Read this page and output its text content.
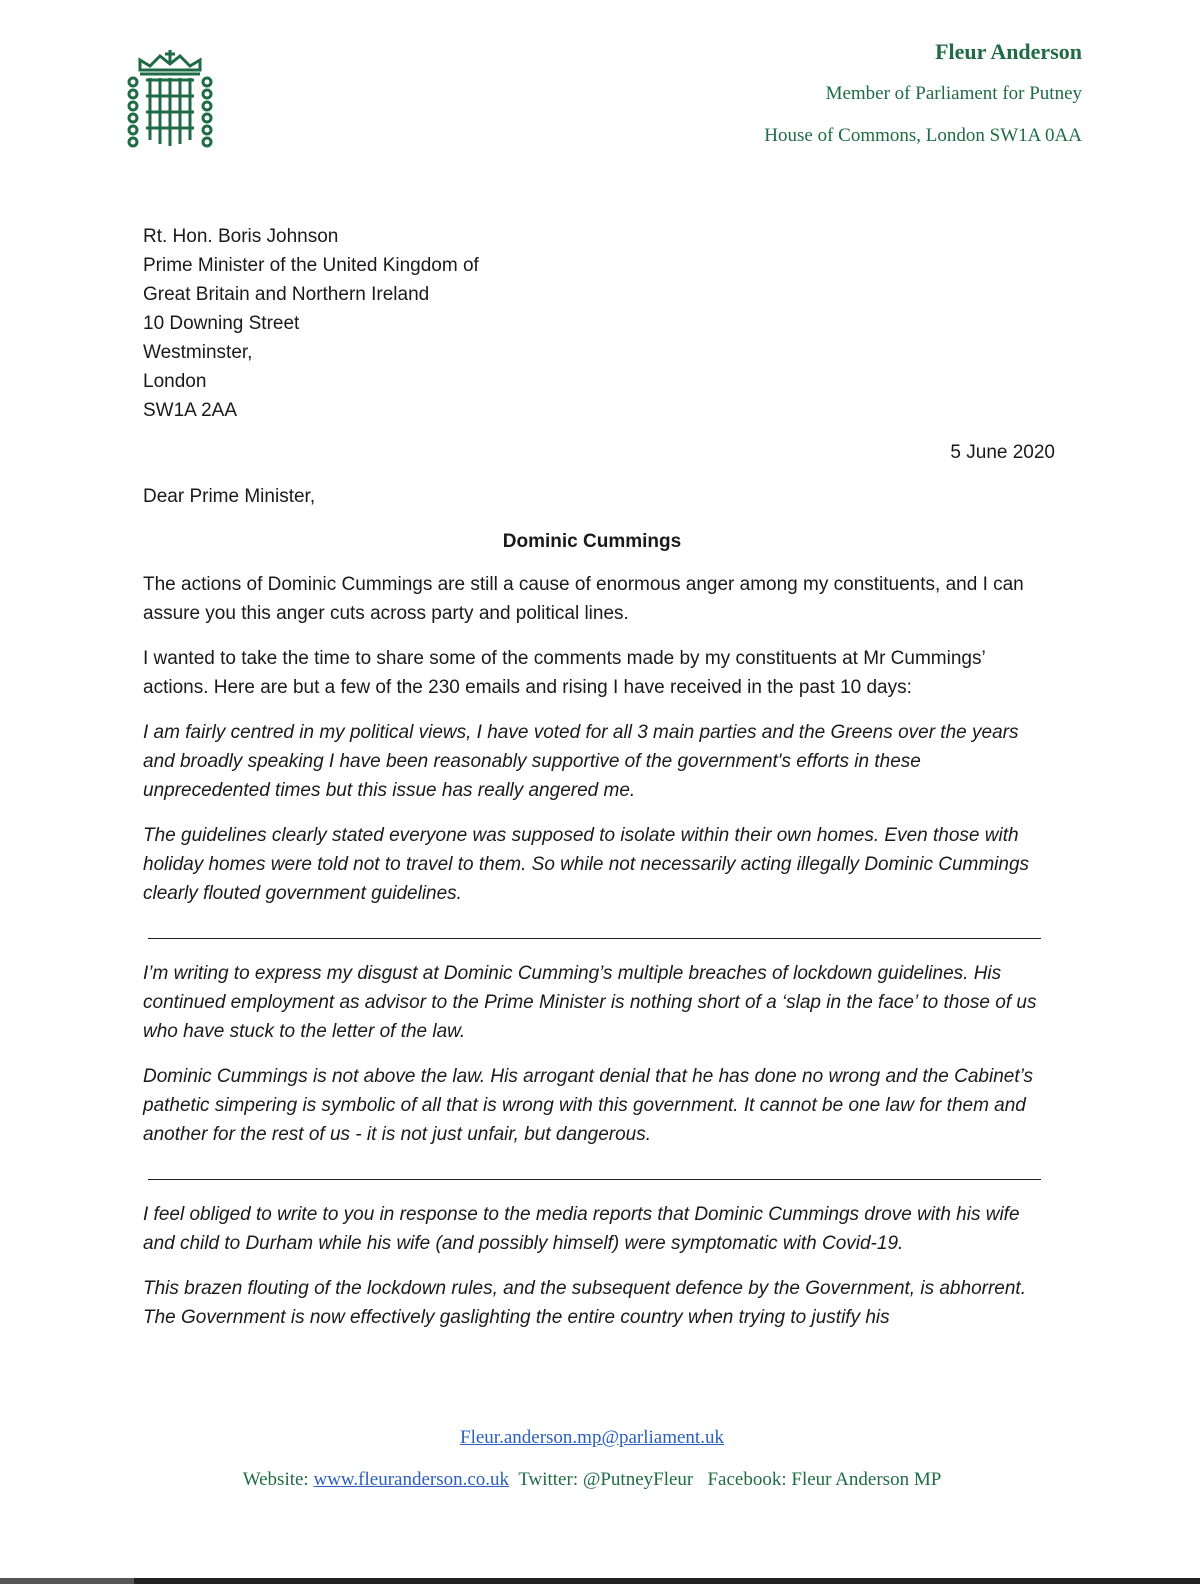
Fleur Anderson
Member of Parliament for Putney
House of Commons, London SW1A 0AA
Rt. Hon. Boris Johnson
Prime Minister of the United Kingdom of
Great Britain and Northern Ireland
10 Downing Street
Westminster,
London
SW1A 2AA
5 June 2020
Dear Prime Minister,
Dominic Cummings

The actions of Dominic Cummings are still a cause of enormous anger among my constituents, and I can assure you this anger cuts across party and political lines.

I wanted to take the time to share some of the comments made by my constituents at Mr Cummings’ actions. Here are but a few of the 230 emails and rising I have received in the past 10 days:

I am fairly centred in my political views, I have voted for all 3 main parties and the Greens over the years and broadly speaking I have been reasonably supportive of the government's efforts in these unprecedented times but this issue has really angered me.

The guidelines clearly stated everyone was supposed to isolate within their own homes. Even those with holiday homes were told not to travel to them. So while not necessarily acting illegally Dominic Cummings clearly flouted government guidelines.

I’m writing to express my disgust at Dominic Cumming’s multiple breaches of lockdown guidelines. His continued employment as advisor to the Prime Minister is nothing short of a ‘slap in the face’ to those of us who have stuck to the letter of the law.

Dominic Cummings is not above the law. His arrogant denial that he has done no wrong and the Cabinet’s pathetic simpering is symbolic of all that is wrong with this government. It cannot be one law for them and another for the rest of us - it is not just unfair, but dangerous.

I feel obliged to write to you in response to the media reports that Dominic Cummings drove with his wife and child to Durham while his wife (and possibly himself) were symptomatic with Covid-19.

This brazen flouting of the lockdown rules, and the subsequent defence by the Government, is abhorrent. The Government is now effectively gaslighting the entire country when trying to justify his

Fleur.anderson.mp@parliament.uk
Website: www.fleuranderson.co.uk Twitter: @PutneyFleur Facebook: Fleur Anderson MP
